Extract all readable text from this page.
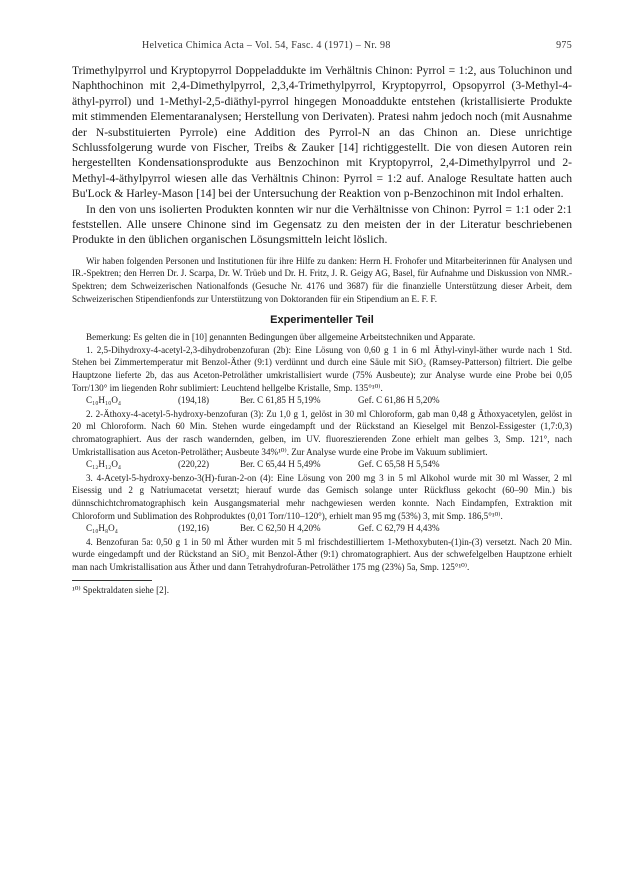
Helvetica Chimica Acta – Vol. 54, Fasc. 4 (1971) – Nr. 98	975

Trimethylpyrrol und Kryptopyrrol Doppeladdukte im Verhältnis Chinon: Pyrrol = 1:2, aus Toluchinon und Naphthochinon mit 2,4-Dimethylpyrrol, 2,3,4-Trimethylpyrrol, Kryptopyrrol, Opsopyrrol (3-Methyl-4-äthyl-pyrrol) und 1-Methyl-2,5-diäthyl-pyrrol hingegen Monoaddukte entstehen (kristallisierte Produkte mit stimmenden Elementaranalysen; Herstellung von Derivaten). Pratesi nahm jedoch noch (mit Ausnahme der N-substituierten Pyrrole) eine Addition des Pyrrol-N an das Chinon an. Diese unrichtige Schlussfolgerung wurde von Fischer, Treibs & Zauker [14] richtiggestellt. Die von diesen Autoren rein hergestellten Kondensationsprodukte aus Benzochinon mit Kryptopyrrol, 2,4-Dimethylpyrrol und 2-Methyl-4-äthylpyrrol wiesen alle das Verhältnis Chinon: Pyrrol = 1:2 auf. Analoge Resultate hatten auch Bu'Lock & Harley-Mason [14] bei der Untersuchung der Reaktion von p-Benzochinon mit Indol erhalten.

In den von uns isolierten Produkten konnten wir nur die Verhältnisse von Chinon: Pyrrol = 1:1 oder 2:1 feststellen. Alle unsere Chinone sind im Gegensatz zu den meisten der in der Literatur beschriebenen Produkte in den üblichen organischen Lösungsmitteln leicht löslich.

Wir haben folgenden Personen und Institutionen für ihre Hilfe zu danken: Herrn H. Frohofer und Mitarbeiterinnen für Analysen und IR.-Spektren; den Herren Dr. J. Scarpa, Dr. W. Trüeb und Dr. H. Fritz, J. R. Geigy AG, Basel, für Aufnahme und Diskussion von NMR.-Spektren; dem Schweizerischen Nationalfonds (Gesuche Nr. 4176 und 3687) für die finanzielle Unterstützung dieser Arbeit, dem Schweizerischen Stipendienfonds zur Unterstützung von Doktoranden für ein Stipendium an E. F. F.
Experimenteller Teil

Bemerkung: Es gelten die in [10] genannten Bedingungen über allgemeine Arbeitstechniken und Apparate.

1. 2,5-Dihydroxy-4-acetyl-2,3-dihydrobenzofuran (2b): Eine Lösung von 0,60 g 1 in 6 ml Äthyl-vinyl-äther wurde nach 1 Std. Stehen bei Zimmertemperatur mit Benzol-Äther (9:1) verdünnt und durch eine Säule mit SiO₂ (Ramsey-Patterson) filtriert. Die gelbe Hauptzone lieferte 2b, das aus Aceton-Petroläther umkristallisiert wurde (75% Ausbeute); zur Analyse wurde eine Probe bei 0,05 Torr/130° im liegenden Rohr sublimiert: Leuchtend hellgelbe Kristalle, Smp. 135°¹⁰⁾.

C₁₀H₁₀O₄	(194,18)	Ber. C 61,85 H 5,19%	Gef. C 61,86 H 5,20%

2. 2-Äthoxy-4-acetyl-5-hydroxy-benzofuran (3): Zu 1,0 g 1, gelöst in 30 ml Chloroform, gab man 0,48 g Äthoxyacetylen, gelöst in 20 ml Chloroform. Nach 60 Min. Stehen wurde eingedampft und der Rückstand an Kieselgel mit Benzol-Essigester (1,7:0,3) chromatographiert. Aus der rasch wandernden, gelben, im UV. fluoreszierenden Zone erhielt man gelbes 3, Smp. 121°, nach Umkristallisation aus Aceton-Petroläther; Ausbeute 34%¹⁰⁾. Zur Analyse wurde eine Probe im Vakuum sublimiert.

C₁₂H₁₂O₄	(220,22)	Ber. C 65,44 H 5,49%	Gef. C 65,58 H 5,54%

3. 4-Acetyl-5-hydroxy-benzo-3(H)-furan-2-on (4): Eine Lösung von 200 mg 3 in 5 ml Alkohol wurde mit 30 ml Wasser, 2 ml Eisessig und 2 g Natriumacetat versetzt; hierauf wurde das Gemisch solange unter Rückfluss gekocht (60–90 Min.) bis dünnschichtchromatographisch kein Ausgangsmaterial mehr nachgewiesen werden konnte. Nach Eindampfen, Extraktion mit Chloroform und Sublimation des Rohproduktes (0,01 Torr/110–120°), erhielt man 95 mg (53%) 3, mit Smp. 186,5°¹⁰⁾.

C₁₀H₈O₄	(192,16)	Ber. C 62,50 H 4,20%	Gef. C 62,79 H 4,43%

4. Benzofuran 5a: 0,50 g 1 in 50 ml Äther wurden mit 5 ml frischdestilliertem 1-Methoxybuten-(1)in-(3) versetzt. Nach 20 Min. wurde eingedampft und der Rückstand an SiO₂ mit Benzol-Äther (9:1) chromatographiert. Aus der schwefelgelben Hauptzone erhielt man nach Umkristallisation aus Äther und dann Tetrahydrofuran-Petroläther 175 mg (23%) 5a, Smp. 125°¹⁰⁾.

¹⁰⁾ Spektraldaten siehe [2].
